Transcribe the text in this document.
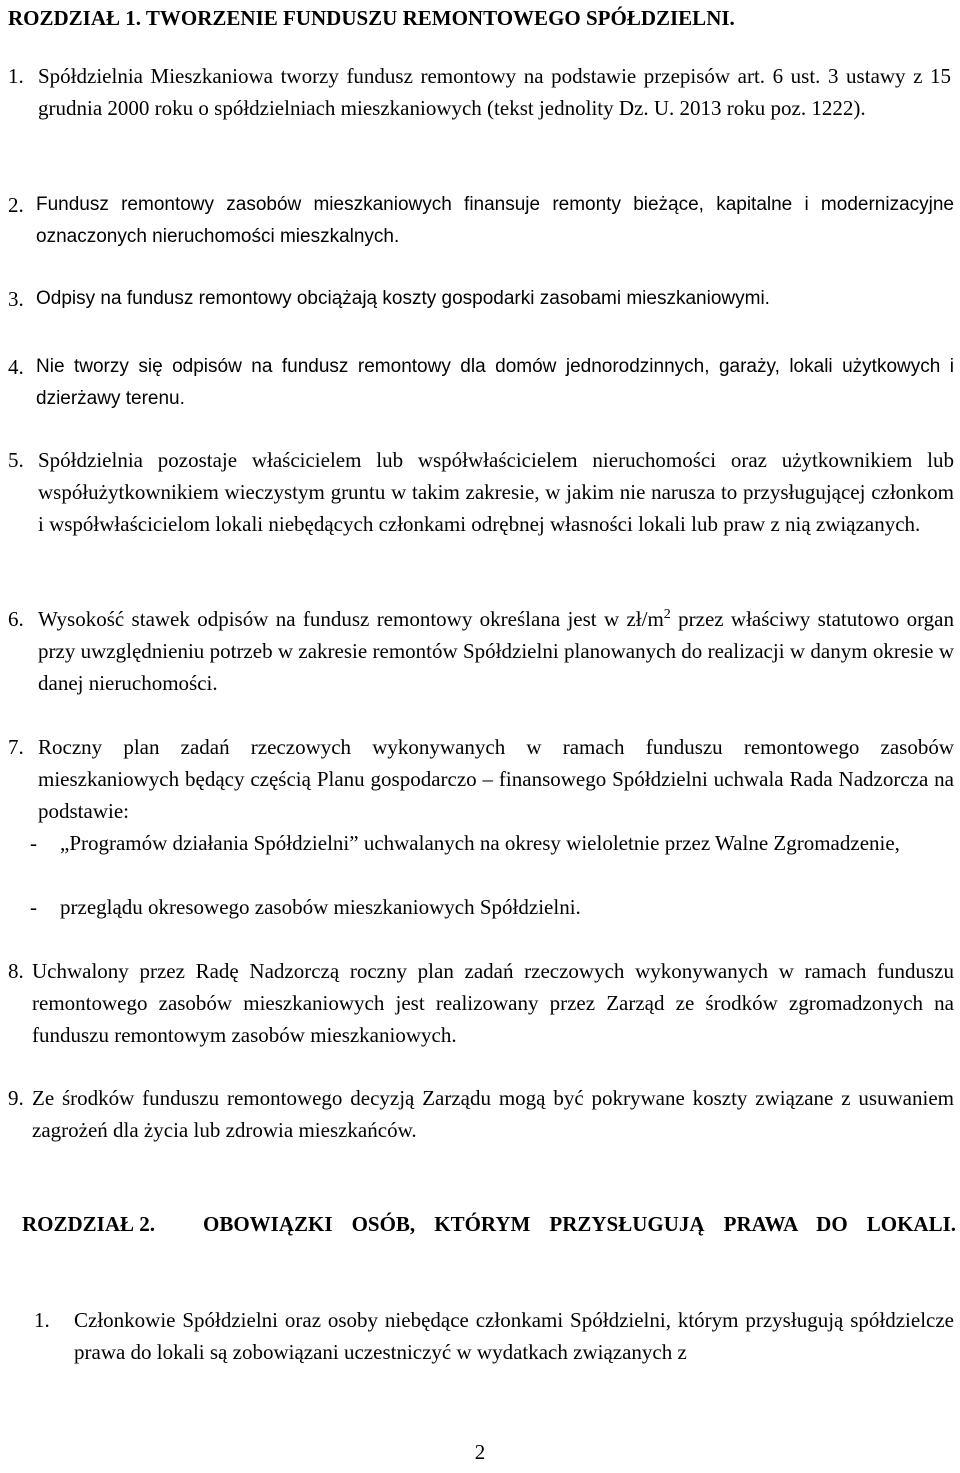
ROZDZIAŁ 1. TWORZENIE FUNDUSZU REMONTOWEGO SPÓŁDZIELNI.
1. Spółdzielnia Mieszkaniowa tworzy fundusz remontowy na podstawie przepisów art. 6 ust. 3 ustawy z 15 grudnia 2000 roku o spółdzielniach mieszkaniowych (tekst jednolity Dz. U. 2013 roku poz. 1222).
2. Fundusz remontowy zasobów mieszkaniowych finansuje remonty bieżące, kapitalne i modernizacyjne oznaczonych nieruchomości mieszkalnych.
3. Odpisy na fundusz remontowy obciążają koszty gospodarki zasobami mieszkaniowymi.
4. Nie tworzy się odpisów na fundusz remontowy dla domów jednorodzinnych, garaży, lokali użytkowych i dzierżawy terenu.
5. Spółdzielnia pozostaje właścicielem lub współwłaścicielem nieruchomości oraz użytkownikiem lub współużytkownikiem wieczystym gruntu w takim zakresie, w jakim nie narusza to przysługującej członkom i współwłaścicielom lokali niebędących członkami odrębnej własności lokali lub praw z nią związanych.
6. Wysokość stawek odpisów na fundusz remontowy określana jest w $zł/m^2$ przez właściwy statutowo organ przy uwzględnieniu potrzeb w zakresie remontów Spółdzielni planowanych do realizacji w danym okresie w danej nieruchomości.
7. Roczny plan zadań rzeczowych wykonywanych w ramach funduszu remontowego zasobów mieszkaniowych będący częścią Planu gospodarczo – finansowego Spółdzielni uchwala Rada Nadzorcza na podstawie:
-	„Programów działania Spółdzielni” uchwalanych na okresy wieloletnie przez Walne Zgromadzenie,
-	przeglądu okresowego zasobów mieszkaniowych Spółdzielni.
8. Uchwalony przez Radę Nadzorczą roczny plan zadań rzeczowych wykonywanych w ramach funduszu remontowego zasobów mieszkaniowych jest realizowany przez Zarząd ze środków zgromadzonych na funduszu remontowym zasobów mieszkaniowych.
9. Ze środków funduszu remontowego decyzją Zarządu mogą być pokrywane koszty związane z usuwaniem zagrożeń dla życia lub zdrowia mieszkańców.
ROZDZIAŁ 2.	OBOWIĄZKI OSÓB, KTÓRYM PRZYSŁUGUJĄ PRAWA DO LOKALI.
1.	Członkowie Spółdzielni oraz osoby niebędące członkami Spółdzielni, którym przysługują spółdzielcze prawa do lokali są zobowiązani uczestniczyć w wydatkach związanych z
2
